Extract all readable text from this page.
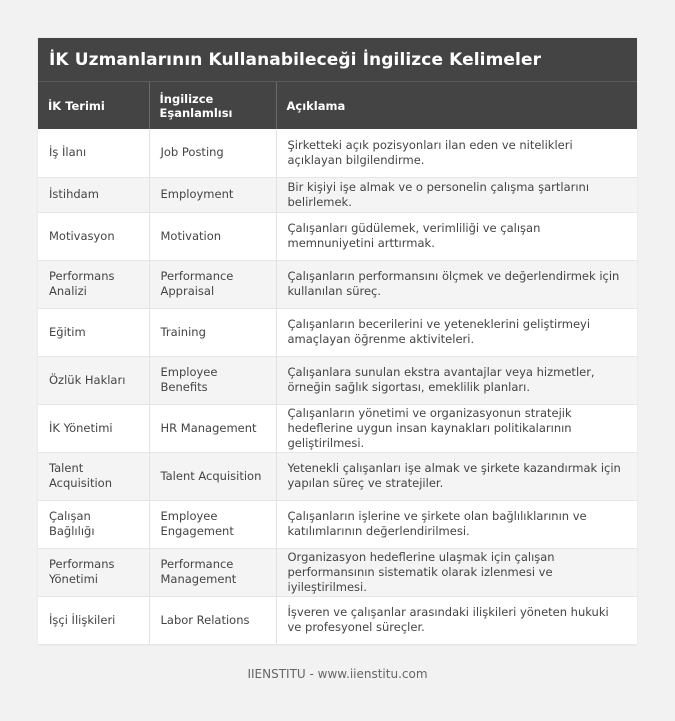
İK Uzmanlarının Kullanabileceği İngilizce Kelimeler
İK Terimi	İngilizce Eşanlamlısı	Açıklama
İş İlanı	Job Posting	Şirketteki açık pozisyonları ilan eden ve nitelikleri açıklayan bilgilendirme.
İstihdam	Employment	Bir kişiyi işe almak ve o personelin çalışma şartlarını belirlemek.
Motivasyon	Motivation	Çalışanları güdülemek, verimliliği ve çalışan memnuniyetini arttırmak.
Performans Analizi	Performance Appraisal	Çalışanların performansını ölçmek ve değerlendirmek için kullanılan süreç.
Eğitim	Training	Çalışanların becerilerini ve yeteneklerini geliştirmeyi amaçlayan öğrenme aktiviteleri.
Özlük Hakları	Employee Benefits	Çalışanlara sunulan ekstra avantajlar veya hizmetler, örneğin sağlık sigortası, emeklilik planları.
İK Yönetimi	HR Management	Çalışanların yönetimi ve organizasyonun stratejik hedeflerine uygun insan kaynakları politikalarının geliştirilmesi.
Talent Acquisition	Talent Acquisition	Yetenekli çalışanları işe almak ve şirkete kazandırmak için yapılan süreç ve stratejiler.
Çalışan Bağlılığı	Employee Engagement	Çalışanların işlerine ve şirkete olan bağlılıklarının ve katılımlarının değerlendirilmesi.
Performans Yönetimi	Performance Management	Organizasyon hedeflerine ulaşmak için çalışan performansının sistematik olarak izlenmesi ve iyileştirilmesi.
İşçi İlişkileri	Labor Relations	İşveren ve çalışanlar arasındaki ilişkileri yöneten hukuki ve profesyonel süreçler.
IIENSTITU - www.iienstitu.com
